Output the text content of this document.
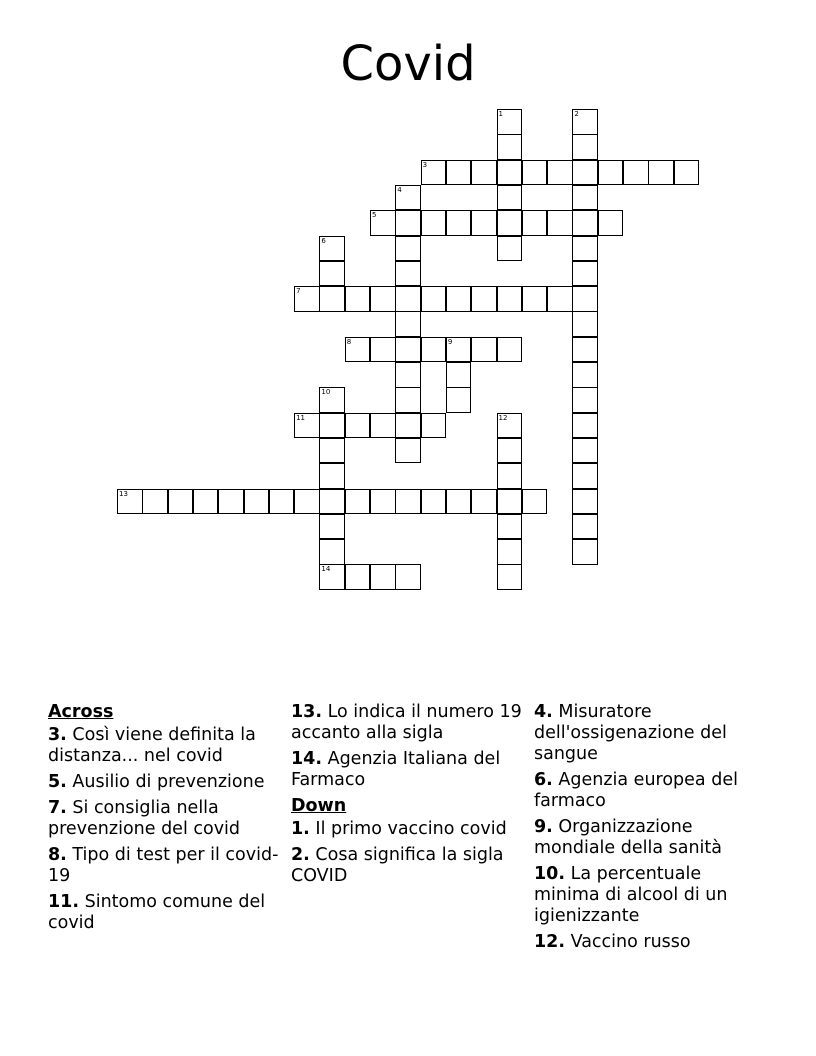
Covid
1	2
3
4
5
6
7
8	9
10
14
11	12
13
Across
3. Così viene definita la distanza... nel covid
5. Ausilio di prevenzione
7. Si consiglia nella prevenzione del covid
8. Tipo di test per il covid-19
11. Sintomo comune del covid
13. Lo indica il numero 19 accanto alla sigla
14. Agenzia Italiana del Farmaco
Down
1. Il primo vaccino covid
2. Cosa significa la sigla COVID
4. Misuratore dell'ossigenazione del sangue
6. Agenzia europea del farmaco
9. Organizzazione mondiale della sanità
10. La percentuale minima di alcool di un igienizzante
12. Vaccino russo
